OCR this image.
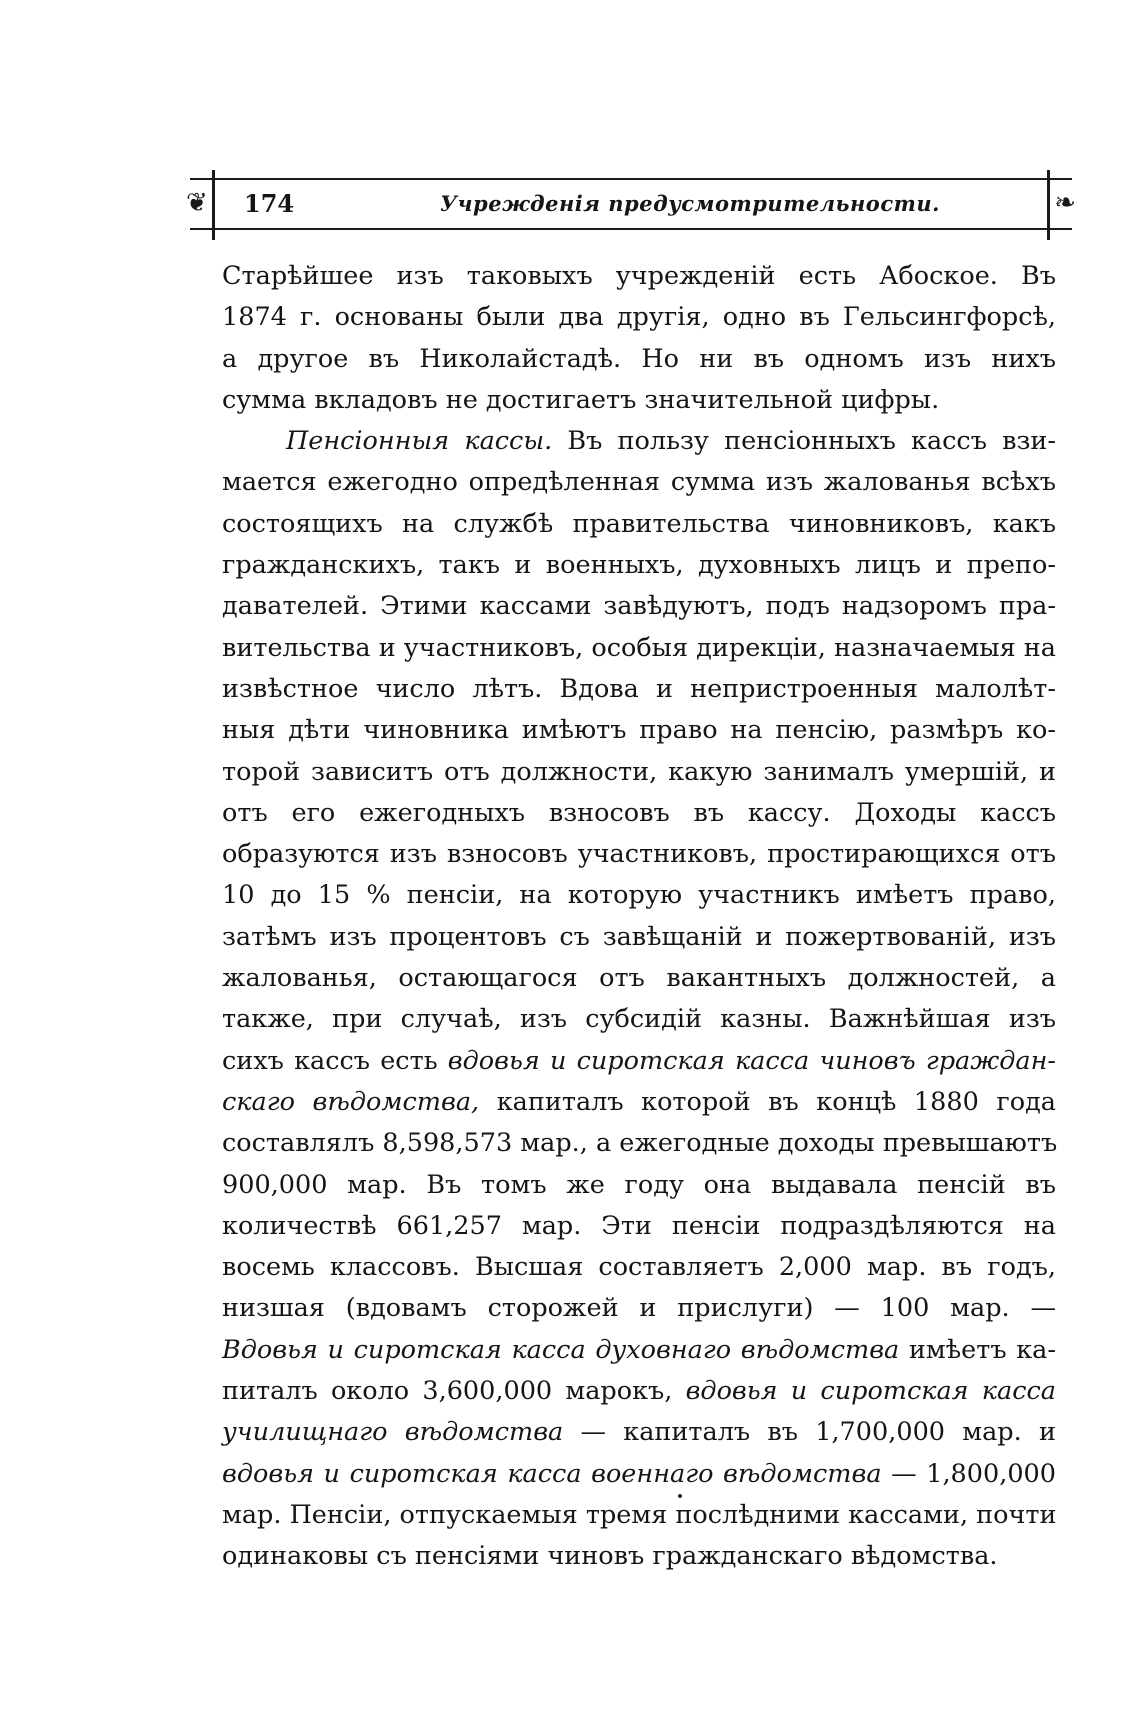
❦	❧
174	Учрежденія предусмотрительности.
Старѣйшее изъ таковыхъ учрежденій есть Абоское. Въ
1874 г. основаны были два другія, одно въ Гельсингфорсѣ,
а другое въ Николайстадѣ. Но ни въ одномъ изъ нихъ
сумма вкладовъ не достигаетъ значительной цифры.
Пенсіонныя кассы. Въ пользу пенсіонныхъ кассъ взи-
мается ежегодно опредѣленная сумма изъ жалованья всѣхъ
состоящихъ на службѣ правительства чиновниковъ, какъ
гражданскихъ, такъ и военныхъ, духовныхъ лицъ и препо-
давателей. Этими кассами завѣдуютъ, подъ надзоромъ пра-
вительства и участниковъ, особыя дирекціи, назначаемыя на
извѣстное число лѣтъ. Вдова и непристроенныя малолѣт-
ныя дѣти чиновника имѣютъ право на пенсію, размѣръ ко-
торой зависитъ отъ должности, какую занималъ умершій, и
отъ его ежегодныхъ взносовъ въ кассу. Доходы кассъ
образуются изъ взносовъ участниковъ, простирающихся отъ
10 до 15 % пенсіи, на которую участникъ имѣетъ право,
затѣмъ изъ процентовъ съ завѣщаній и пожертвованій, изъ
жалованья, остающагося отъ вакантныхъ должностей, а
также, при случаѣ, изъ субсидій казны. Важнѣйшая изъ
сихъ кассъ есть вдовья и сиротская касса чиновъ граждан-
скаго вѣдомства, капиталъ которой въ концѣ 1880 года
составлялъ 8,598,573 мар., а ежегодные доходы превышаютъ
900,000 мар. Въ томъ же году она выдавала пенсій въ
количествѣ 661,257 мар. Эти пенсіи подраздѣляются на
восемь классовъ. Высшая составляетъ 2,000 мар. въ годъ,
низшая (вдовамъ сторожей и прислуги) — 100 мар. —
Вдовья и сиротская касса духовнаго вѣдомства имѣетъ ка-
питалъ около 3,600,000 марокъ, вдовья и сиротская касса
училищнаго вѣдомства — капиталъ въ 1,700,000 мар. и
вдовья и сиротская касса военнаго вѣдомства — 1,800,000
мар. Пенсіи, отпускаемыя тремя послѣдними кассами, почти
одинаковы съ пенсіями чиновъ гражданскаго вѣдомства.
